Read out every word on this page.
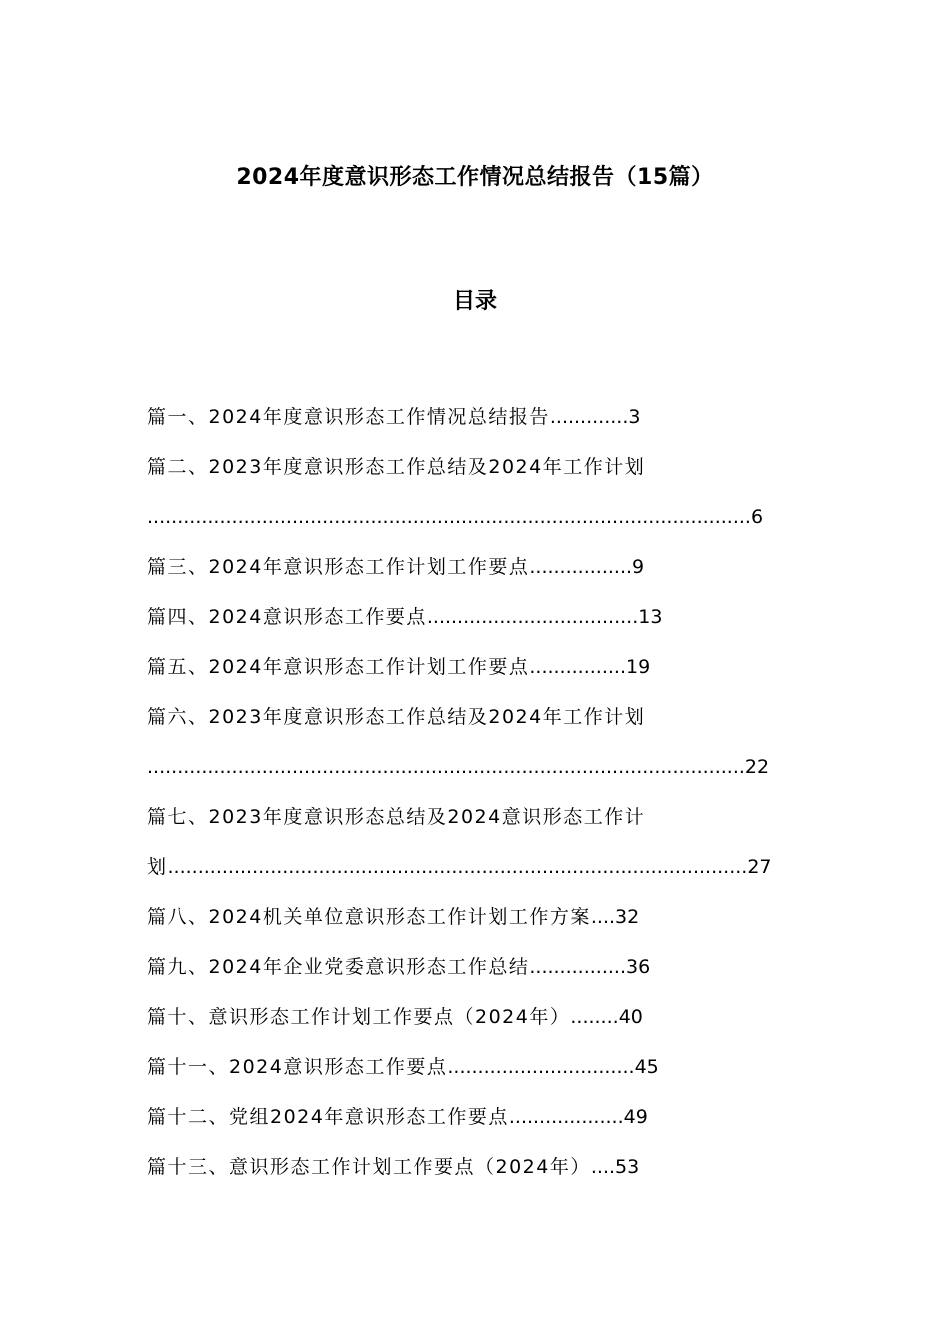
2024年度意识形态工作情况总结报告（15篇）
目录
篇一、2024年度意识形态工作情况总结报告.............3
篇二、2023年度意识形态工作总结及2024年工作计划
....................................................................................................6
篇三、2024年意识形态工作计划工作要点.................9
篇四、2024意识形态工作要点...................................13
篇五、2024年意识形态工作计划工作要点................19
篇六、2023年度意识形态工作总结及2024年工作计划
...................................................................................................22
篇七、2023年度意识形态总结及2024意识形态工作计
划................................................................................................27
篇八、2024机关单位意识形态工作计划工作方案....32
篇九、2024年企业党委意识形态工作总结................36
篇十、意识形态工作计划工作要点（2024年）........40
篇十一、2024意识形态工作要点...............................45
篇十二、党组2024年意识形态工作要点...................49
篇十三、意识形态工作计划工作要点（2024年）....53
